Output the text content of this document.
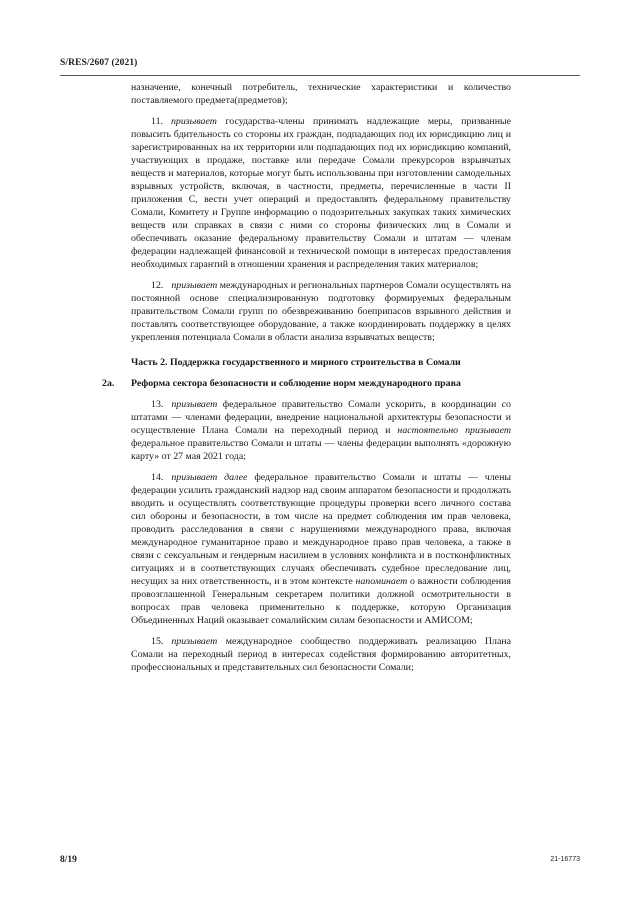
S/RES/2607 (2021)

назначение, конечный потребитель, технические характеристики и количество поставляемого предмета(предметов);

11. призывает государства-члены принимать надлежащие меры, призванные повысить бдительность со стороны их граждан, подпадающих под их юрисдикцию лиц и зарегистрированных на их территории или подпадающих под их юрисдикцию компаний, участвующих в продаже, поставке или передаче Сомали прекурсоров взрывчатых веществ и материалов, которые могут быть использованы при изготовлении самодельных взрывных устройств, включая, в частности, предметы, перечисленные в части II приложения C, вести учет операций и предоставлять федеральному правительству Сомали, Комитету и Группе информацию о подозрительных закупках таких химических веществ или справках в связи с ними со стороны физических лиц в Сомали и обеспечивать оказание федеральному правительству Сомали и штатам — членам федерации надлежащей финансовой и технической помощи в интересах предоставления необходимых гарантий в отношении хранения и распределения таких материалов;

12. призывает международных и региональных партнеров Сомали осуществлять на постоянной основе специализированную подготовку формируемых федеральным правительством Сомали групп по обезвреживанию боеприпасов взрывного действия и поставлять соответствующее оборудование, а также координировать поддержку в целях укрепления потенциала Сомали в области анализа взрывчатых веществ;

Часть 2. Поддержка государственного и мирного строительства в Сомали

2a. Реформа сектора безопасности и соблюдение норм международного права

13. призывает федеральное правительство Сомали ускорить, в координации со штатами — членами федерации, внедрение национальной архитектуры безопасности и осуществление Плана Сомали на переходный период и настоятельно призывает федеральное правительство Сомали и штаты — члены федерации выполнять «дорожную карту» от 27 мая 2021 года;

14. призывает далее федеральное правительство Сомали и штаты — члены федерации усилить гражданский надзор над своим аппаратом безопасности и продолжать вводить и осуществлять соответствующие процедуры проверки всего личного состава сил обороны и безопасности, в том числе на предмет соблюдения им прав человека, проводить расследования в связи с нарушениями международного права, включая международное гуманитарное право и международное право прав человека, а также в связи с сексуальным и гендерным насилием в условиях конфликта и в постконфликтных ситуациях и в соответствующих случаях обеспечивать судебное преследование лиц, несущих за них ответственность, и в этом контексте напоминает о важности соблюдения провозглашенной Генеральным секретарем политики должной осмотрительности в вопросах прав человека применительно к поддержке, которую Организация Объединенных Наций оказывает сомалийским силам безопасности и АМИСОМ;

15. призывает международное сообщество поддерживать реализацию Плана Сомали на переходный период в интересах содействия формированию авторитетных, профессиональных и представительных сил безопасности Сомали;

8/19	21-16773
